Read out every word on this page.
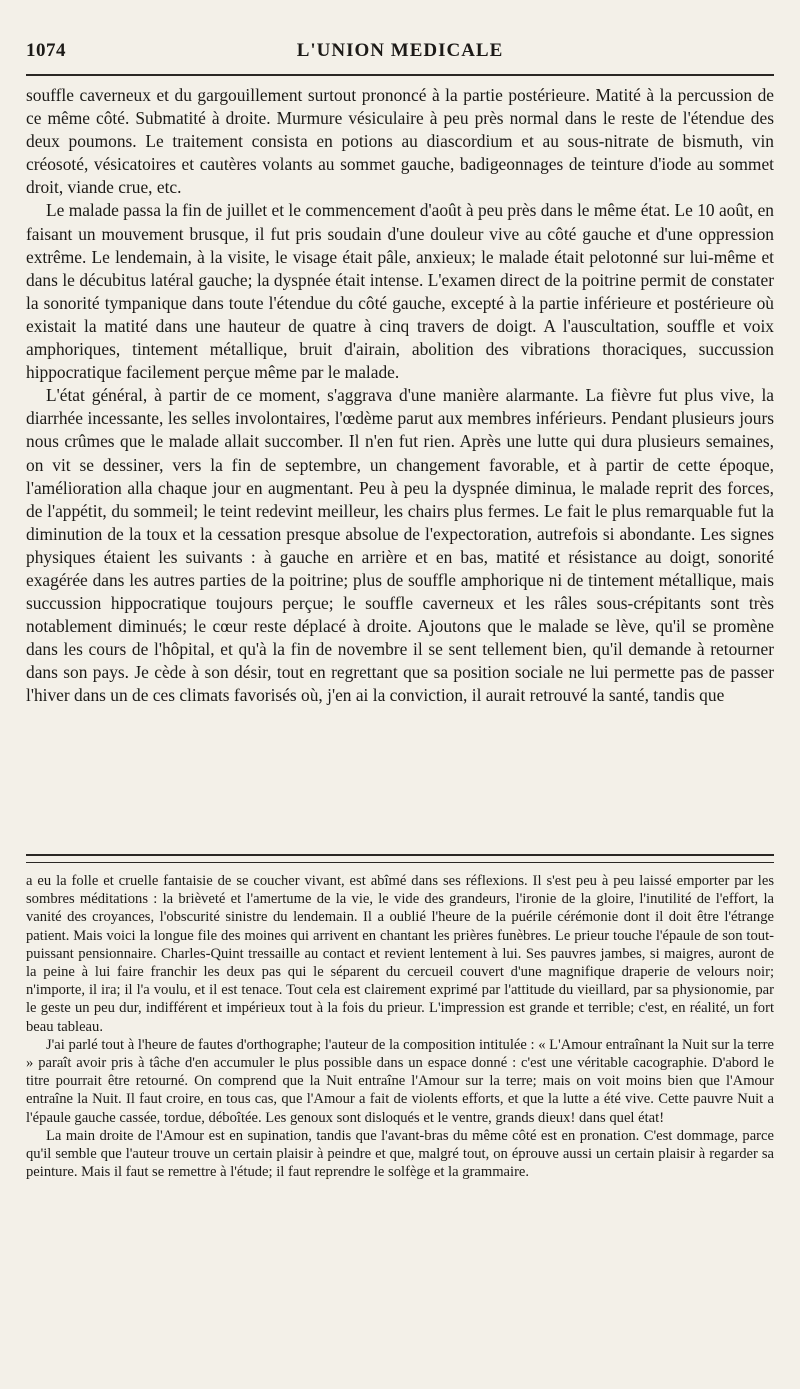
1074	L'UNION MEDICALE

souffle caverneux et du gargouillement surtout prononcé à la partie postérieure. Matité à la percussion de ce même côté. Submatité à droite. Murmure vésiculaire à peu près normal dans le reste de l'étendue des deux poumons. Le traitement consista en potions au diascordium et au sous-nitrate de bismuth, vin créosoté, vésicatoires et cautères volants au sommet gauche, badigeonnages de teinture d'iode au sommet droit, viande crue, etc.

Le malade passa la fin de juillet et le commencement d'août à peu près dans le même état. Le 10 août, en faisant un mouvement brusque, il fut pris soudain d'une douleur vive au côté gauche et d'une oppression extrême. Le lendemain, à la visite, le visage était pâle, anxieux; le malade était pelotonné sur lui-même et dans le décubitus latéral gauche; la dyspnée était intense. L'examen direct de la poitrine permit de constater la sonorité tympanique dans toute l'étendue du côté gauche, excepté à la partie inférieure et postérieure où existait la matité dans une hauteur de quatre à cinq travers de doigt. A l'auscultation, souffle et voix amphoriques, tintement métallique, bruit d'airain, abolition des vibrations thoraciques, succussion hippocratique facilement perçue même par le malade.

L'état général, à partir de ce moment, s'aggrava d'une manière alarmante. La fièvre fut plus vive, la diarrhée incessante, les selles involontaires, l'œdème parut aux membres inférieurs. Pendant plusieurs jours nous crûmes que le malade allait succomber. Il n'en fut rien. Après une lutte qui dura plusieurs semaines, on vit se dessiner, vers la fin de septembre, un changement favorable, et à partir de cette époque, l'amélioration alla chaque jour en augmentant. Peu à peu la dyspnée diminua, le malade reprit des forces, de l'appétit, du sommeil; le teint redevint meilleur, les chairs plus fermes. Le fait le plus remarquable fut la diminution de la toux et la cessation presque absolue de l'expectoration, autrefois si abondante. Les signes physiques étaient les suivants : à gauche en arrière et en bas, matité et résistance au doigt, sonorité exagérée dans les autres parties de la poitrine; plus de souffle amphorique ni de tintement métallique, mais succussion hippocratique toujours perçue; le souffle caverneux et les râles sous-crépitants sont très notablement diminués; le cœur reste déplacé à droite. Ajoutons que le malade se lève, qu'il se promène dans les cours de l'hôpital, et qu'à la fin de novembre il se sent tellement bien, qu'il demande à retourner dans son pays. Je cède à son désir, tout en regrettant que sa position sociale ne lui permette pas de passer l'hiver dans un de ces climats favorisés où, j'en ai la conviction, il aurait retrouvé la santé, tandis que

a eu la folle et cruelle fantaisie de se coucher vivant, est abîmé dans ses réflexions. Il s'est peu à peu laissé emporter par les sombres méditations : la brièveté et l'amertume de la vie, le vide des grandeurs, l'ironie de la gloire, l'inutilité de l'effort, la vanité des croyances, l'obscurité sinistre du lendemain. Il a oublié l'heure de la puérile cérémonie dont il doit être l'étrange patient. Mais voici la longue file des moines qui arrivent en chantant les prières funèbres. Le prieur touche l'épaule de son tout-puissant pensionnaire. Charles-Quint tressaille au contact et revient lentement à lui. Ses pauvres jambes, si maigres, auront de la peine à lui faire franchir les deux pas qui le séparent du cercueil couvert d'une magnifique draperie de velours noir; n'importe, il ira; il l'a voulu, et il est tenace. Tout cela est clairement exprimé par l'attitude du vieillard, par sa physionomie, par le geste un peu dur, indifférent et impérieux tout à la fois du prieur. L'impression est grande et terrible; c'est, en réalité, un fort beau tableau.

J'ai parlé tout à l'heure de fautes d'orthographe; l'auteur de la composition intitulée : « L'Amour entraînant la Nuit sur la terre » paraît avoir pris à tâche d'en accumuler le plus possible dans un espace donné : c'est une véritable cacographie. D'abord le titre pourrait être retourné. On comprend que la Nuit entraîne l'Amour sur la terre; mais on voit moins bien que l'Amour entraîne la Nuit. Il faut croire, en tous cas, que l'Amour a fait de violents efforts, et que la lutte a été vive. Cette pauvre Nuit a l'épaule gauche cassée, tordue, déboîtée. Les genoux sont disloqués et le ventre, grands dieux! dans quel état!

La main droite de l'Amour est en supination, tandis que l'avant-bras du même côté est en pronation. C'est dommage, parce qu'il semble que l'auteur trouve un certain plaisir à peindre et que, malgré tout, on éprouve aussi un certain plaisir à regarder sa peinture. Mais il faut se remettre à l'étude; il faut reprendre le solfège et la grammaire.
